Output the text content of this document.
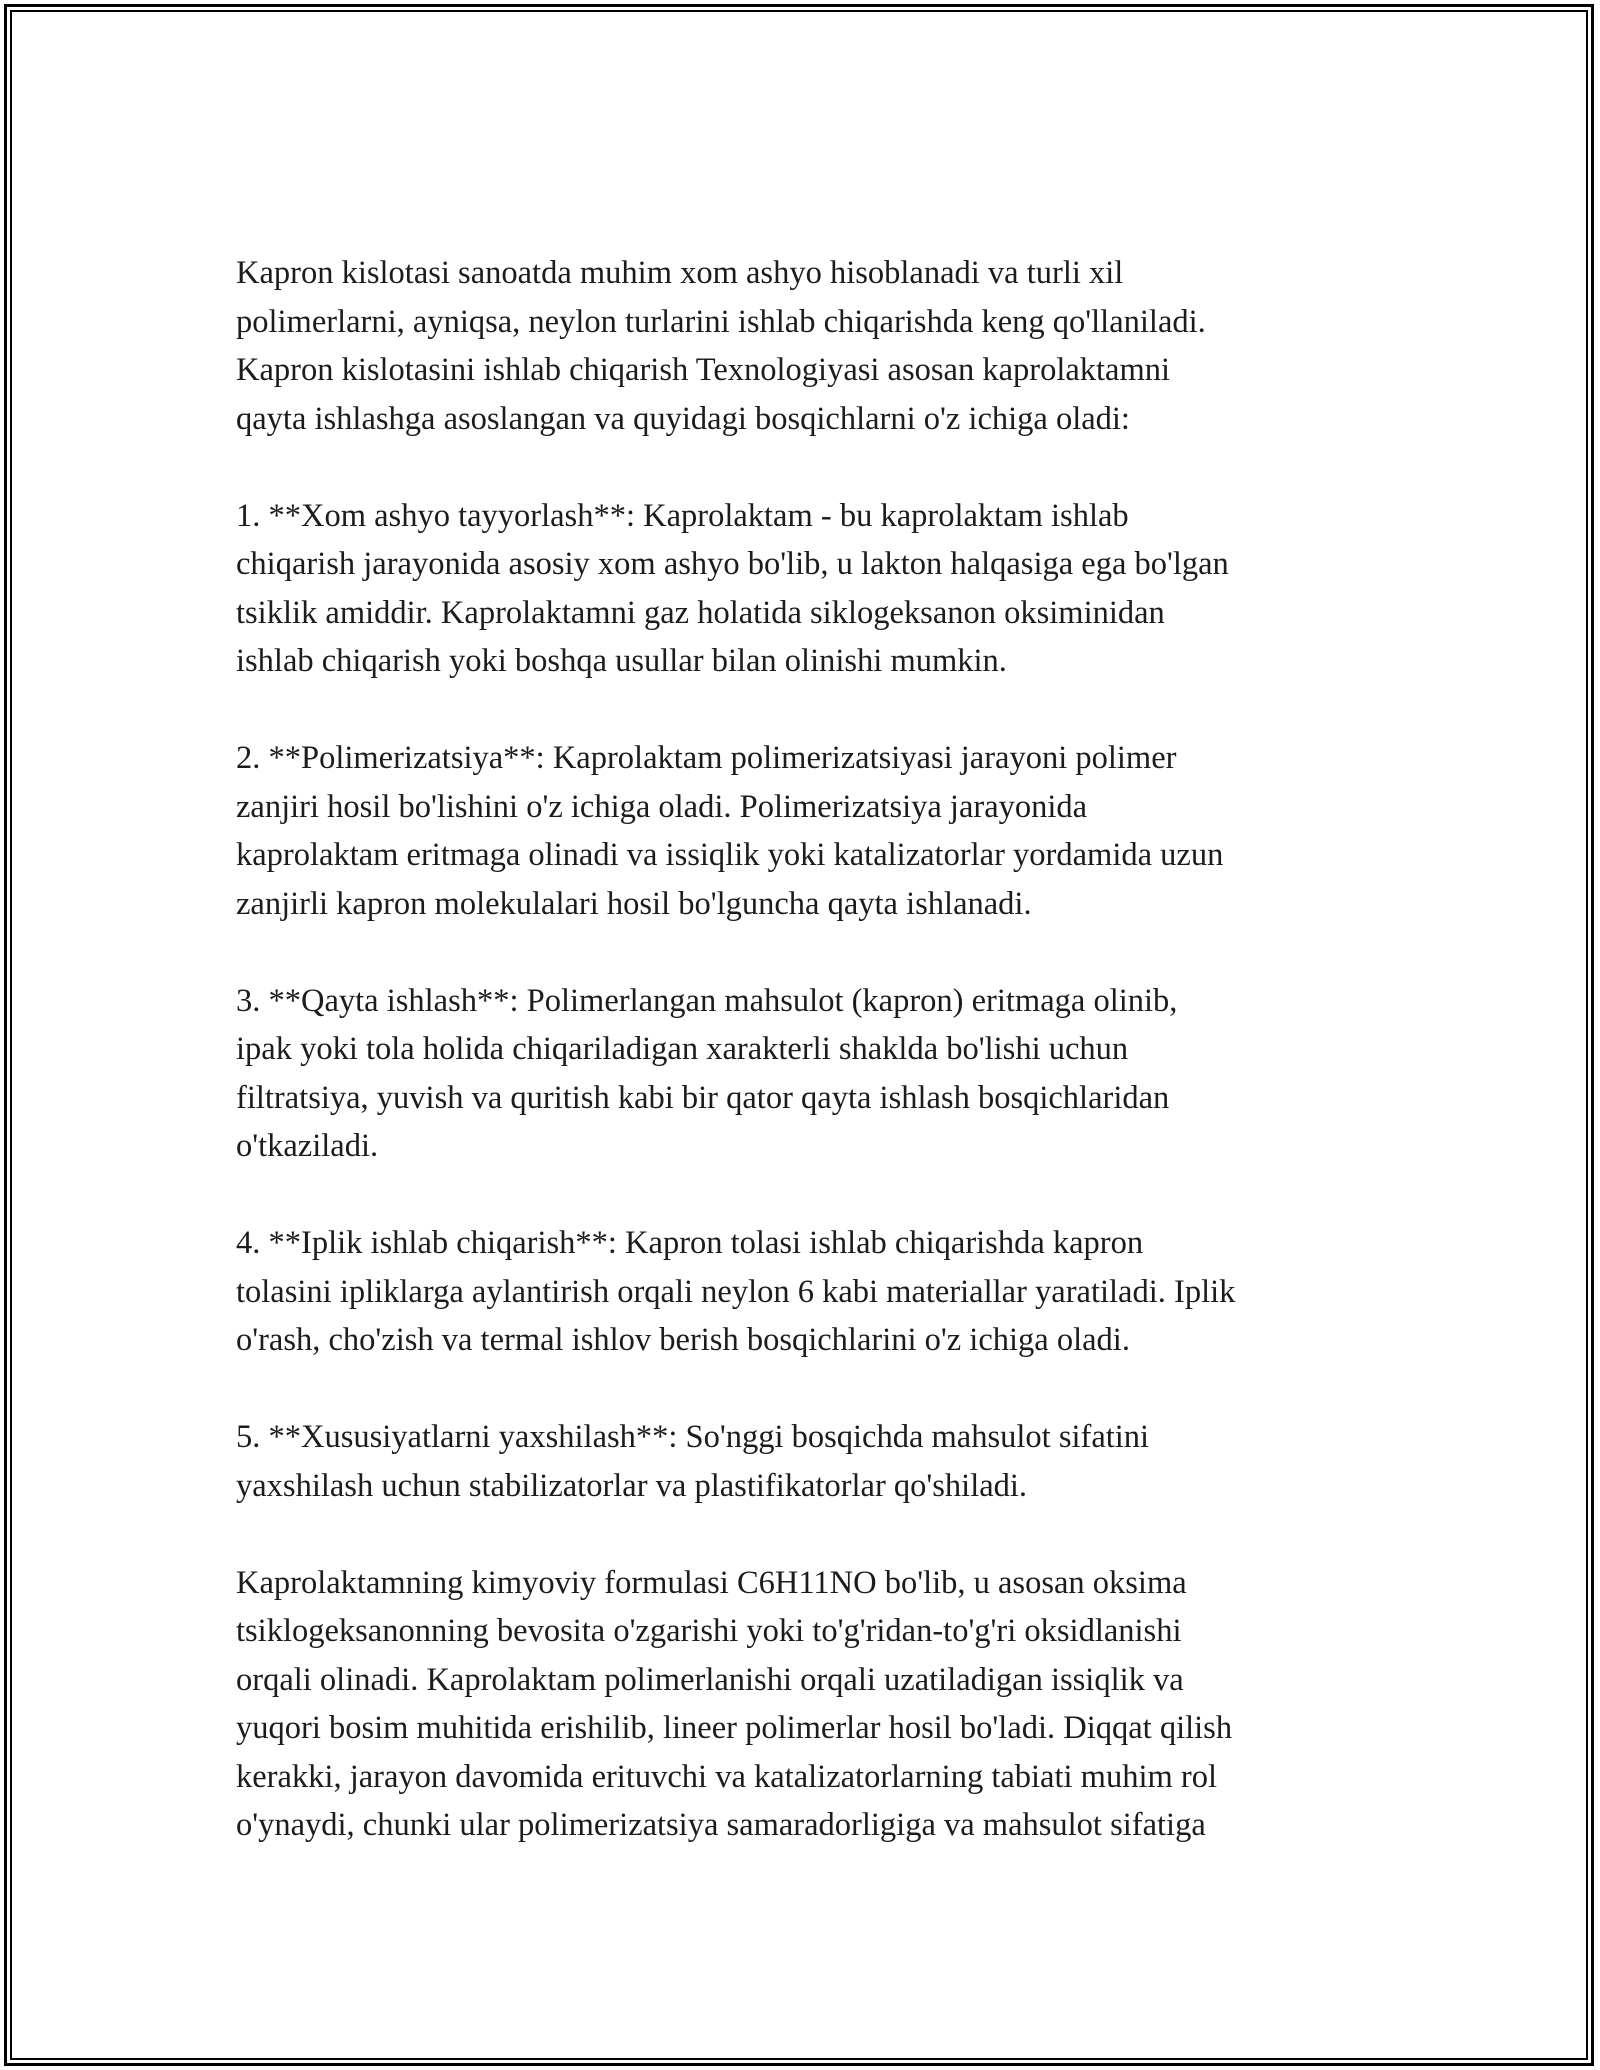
Kapron kislotasi sanoatda muhim xom ashyo hisoblanadi va turli xil
polimerlarni, ayniqsa, neylon turlarini ishlab chiqarishda keng qo'llaniladi.
Kapron kislotasini ishlab chiqarish Texnologiyasi asosan kaprolaktamni
qayta ishlashga asoslangan va quyidagi bosqichlarni o'z ichiga oladi:
1. **Xom ashyo tayyorlash**: Kaprolaktam - bu kaprolaktam ishlab
chiqarish jarayonida asosiy xom ashyo bo'lib, u lakton halqasiga ega bo'lgan
tsiklik amiddir. Kaprolaktamni gaz holatida siklogeksanon oksiminidan
ishlab chiqarish yoki boshqa usullar bilan olinishi mumkin.
2. **Polimerizatsiya**: Kaprolaktam polimerizatsiyasi jarayoni polimer
zanjiri hosil bo'lishini o'z ichiga oladi. Polimerizatsiya jarayonida
kaprolaktam eritmaga olinadi va issiqlik yoki katalizatorlar yordamida uzun
zanjirli kapron molekulalari hosil bo'lguncha qayta ishlanadi.
3. **Qayta ishlash**: Polimerlangan mahsulot (kapron) eritmaga olinib,
ipak yoki tola holida chiqariladigan xarakterli shaklda bo'lishi uchun
filtratsiya, yuvish va quritish kabi bir qator qayta ishlash bosqichlaridan
o'tkaziladi.
4. **Iplik ishlab chiqarish**: Kapron tolasi ishlab chiqarishda kapron
tolasini ipliklarga aylantirish orqali neylon 6 kabi materiallar yaratiladi. Iplik
o'rash, cho'zish va termal ishlov berish bosqichlarini o'z ichiga oladi.
5. **Xususiyatlarni yaxshilash**: So'nggi bosqichda mahsulot sifatini
yaxshilash uchun stabilizatorlar va plastifikatorlar qo'shiladi.
Kaprolaktamning kimyoviy formulasi C6H11NO bo'lib, u asosan oksima
tsiklogeksanonning bevosita o'zgarishi yoki to'g'ridan-to'g'ri oksidlanishi
orqali olinadi. Kaprolaktam polimerlanishi orqali uzatiladigan issiqlik va
yuqori bosim muhitida erishilib, lineer polimerlar hosil bo'ladi. Diqqat qilish
kerakki, jarayon davomida erituvchi va katalizatorlarning tabiati muhim rol
o'ynaydi, chunki ular polimerizatsiya samaradorligiga va mahsulot sifatiga
